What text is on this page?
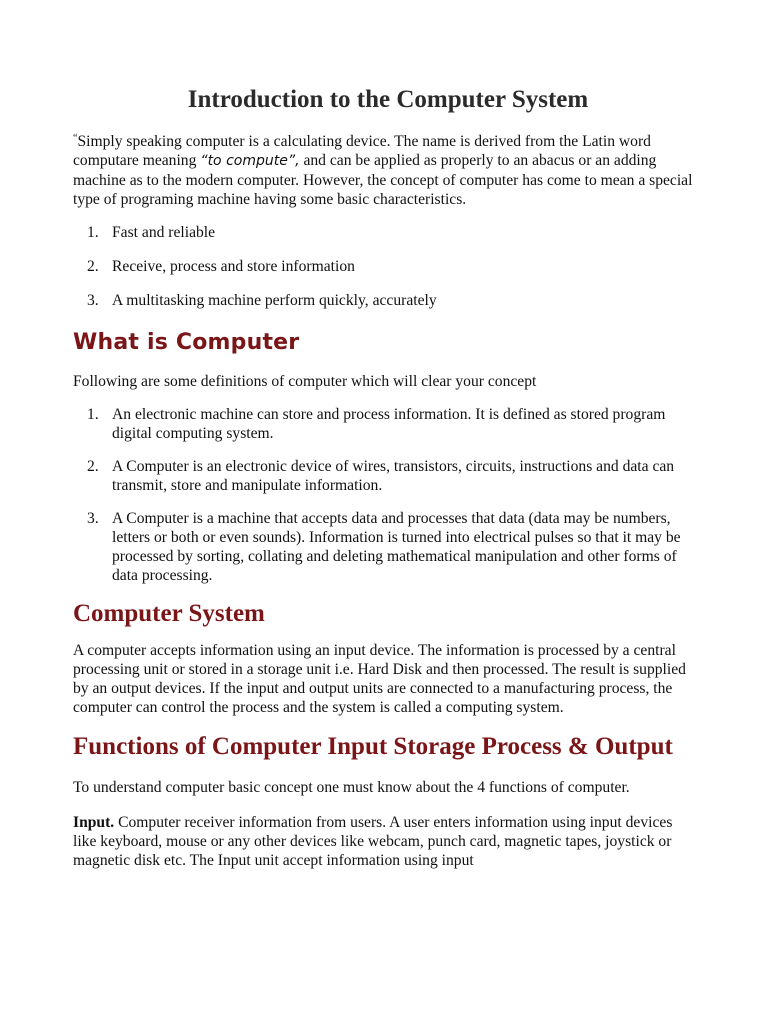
Introduction to the Computer System

“Simply speaking computer is a calculating device. The name is derived from the Latin word computare meaning “to compute”, and can be applied as properly to an abacus or an adding machine as to the modern computer. However, the concept of computer has come to mean a special type of programing machine having some basic characteristics.

1. Fast and reliable
2. Receive, process and store information
3. A multitasking machine perform quickly, accurately
What is Computer

Following are some definitions of computer which will clear your concept

1. An electronic machine can store and process information. It is defined as stored program digital computing system.
2. A Computer is an electronic device of wires, transistors, circuits, instructions and data can transmit, store and manipulate information.
3. A Computer is a machine that accepts data and processes that data (data may be numbers, letters or both or even sounds). Information is turned into electrical pulses so that it may be processed by sorting, collating and deleting mathematical manipulation and other forms of data processing.
Computer System

A computer accepts information using an input device. The information is processed by a central processing unit or stored in a storage unit i.e. Hard Disk and then processed. The result is supplied by an output devices. If the input and output units are connected to a manufacturing process, the computer can control the process and the system is called a computing system.

Functions of Computer Input Storage Process & Output

To understand computer basic concept one must know about the 4 functions of computer.

Input. Computer receiver information from users. A user enters information using input devices like keyboard, mouse or any other devices like webcam, punch card, magnetic tapes, joystick or magnetic disk etc. The Input unit accept information using input
